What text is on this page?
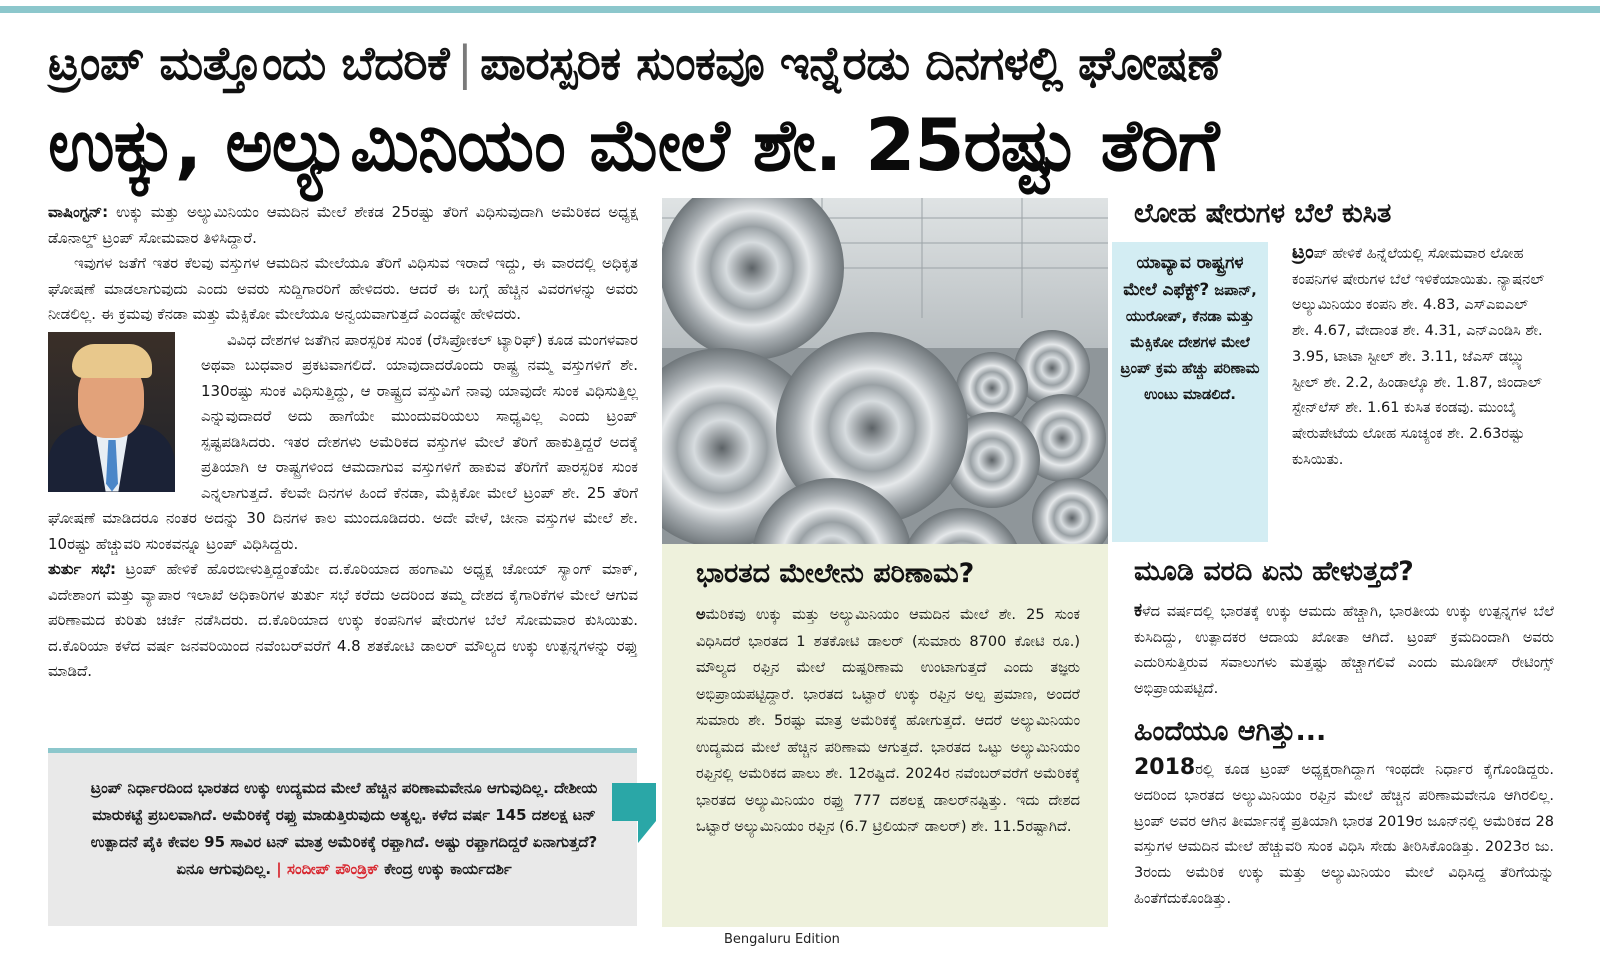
ಟ್ರಂಪ್ ಮತ್ತೊಂದು ಬೆದರಿಕೆ | ಪಾರಸ್ಪರಿಕ ಸುಂಕವೂ ಇನ್ನೆರಡು ದಿನಗಳಲ್ಲಿ ಘೋಷಣೆ
ಉಕ್ಕು, ಅಲ್ಯುಮಿನಿಯಂ ಮೇಲೆ ಶೇ. 25ರಷ್ಟು ತೆರಿಗೆ

ವಾಷಿಂಗ್ಟನ್: ಉಕ್ಕು ಮತ್ತು ಅಲ್ಯುಮಿನಿಯಂ ಆಮದಿನ ಮೇಲೆ ಶೇಕಡ 25ರಷ್ಟು ತೆರಿಗೆ ವಿಧಿಸುವುದಾಗಿ ಅಮೆರಿಕದ ಅಧ್ಯಕ್ಷ ಡೊನಾಲ್ಡ್ ಟ್ರಂಪ್ ಸೋಮವಾರ ತಿಳಿಸಿದ್ದಾರೆ.

ಇವುಗಳ ಜತೆಗೆ ಇತರ ಕೆಲವು ವಸ್ತುಗಳ ಆಮದಿನ ಮೇಲೆಯೂ ತೆರಿಗೆ ವಿಧಿಸುವ ಇರಾದೆ ಇದ್ದು, ಈ ವಾರದಲ್ಲಿ ಅಧಿಕೃತ ಘೋಷಣೆ ಮಾಡಲಾಗುವುದು ಎಂದು ಅವರು ಸುದ್ದಿಗಾರರಿಗೆ ಹೇಳಿದರು. ಆದರೆ ಈ ಬಗ್ಗೆ ಹೆಚ್ಚಿನ ವಿವರಗಳನ್ನು ಅವರು ನೀಡಲಿಲ್ಲ. ಈ ಕ್ರಮವು ಕೆನಡಾ ಮತ್ತು ಮೆಕ್ಸಿಕೋ ಮೇಲೆಯೂ ಅನ್ವಯವಾಗುತ್ತದೆ ಎಂದಷ್ಟೇ ಹೇಳಿದರು.

ವಿವಿಧ ದೇಶಗಳ ಜತೆಗಿನ ಪಾರಸ್ಪರಿಕ ಸುಂಕ (ರೆಸಿಪ್ರೋಕಲ್ ಟ್ಯಾರಿಫ್) ಕೂಡ ಮಂಗಳವಾರ ಅಥವಾ ಬುಧವಾರ ಪ್ರಕಟವಾಗಲಿದೆ. ಯಾವುದಾದರೊಂದು ರಾಷ್ಟ್ರ ನಮ್ಮ ವಸ್ತುಗಳಿಗೆ ಶೇ. 130ರಷ್ಟು ಸುಂಕ ವಿಧಿಸುತ್ತಿದ್ದು, ಆ ರಾಷ್ಟ್ರದ ವಸ್ತುವಿಗೆ ನಾವು ಯಾವುದೇ ಸುಂಕ ವಿಧಿಸುತ್ತಿಲ್ಲ ಎನ್ನುವುದಾದರೆ ಅದು ಹಾಗೆಯೇ ಮುಂದುವರಿಯಲು ಸಾಧ್ಯವಿಲ್ಲ ಎಂದು ಟ್ರಂಪ್ ಸ್ಪಷ್ಟಪಡಿಸಿದರು. ಇತರ ದೇಶಗಳು ಅಮೆರಿಕದ ವಸ್ತುಗಳ ಮೇಲೆ ತೆರಿಗೆ ಹಾಕುತ್ತಿದ್ದರೆ ಅದಕ್ಕೆ ಪ್ರತಿಯಾಗಿ ಆ ರಾಷ್ಟ್ರಗಳಿಂದ ಆಮದಾಗುವ ವಸ್ತುಗಳಿಗೆ ಹಾಕುವ ತೆರಿಗೆಗೆ ಪಾರಸ್ಪರಿಕ ಸುಂಕ ಎನ್ನಲಾಗುತ್ತದೆ. ಕೆಲವೇ ದಿನಗಳ ಹಿಂದೆ ಕೆನಡಾ, ಮೆಕ್ಸಿಕೋ ಮೇಲೆ ಟ್ರಂಪ್ ಶೇ. 25 ತೆರಿಗೆ ಘೋಷಣೆ ಮಾಡಿದರೂ ನಂತರ ಅದನ್ನು 30 ದಿನಗಳ ಕಾಲ ಮುಂದೂಡಿದರು. ಅದೇ ವೇಳೆ, ಚೀನಾ ವಸ್ತುಗಳ ಮೇಲೆ ಶೇ. 10ರಷ್ಟು ಹೆಚ್ಚುವರಿ ಸುಂಕವನ್ನೂ ಟ್ರಂಪ್ ವಿಧಿಸಿದ್ದರು.

ತುರ್ತು ಸಭೆ: ಟ್ರಂಪ್ ಹೇಳಿಕೆ ಹೊರಬೀಳುತ್ತಿದ್ದಂತೆಯೇ ದ.ಕೊರಿಯಾದ ಹಂಗಾಮಿ ಅಧ್ಯಕ್ಷ ಚೋಯ್ ಸ್ಯಾಂಗ್ ಮಾಕ್, ವಿದೇಶಾಂಗ ಮತ್ತು ವ್ಯಾಪಾರ ಇಲಾಖೆ ಅಧಿಕಾರಿಗಳ ತುರ್ತು ಸಭೆ ಕರೆದು ಅದರಿಂದ ತಮ್ಮ ದೇಶದ ಕೈಗಾರಿಕೆಗಳ ಮೇಲೆ ಆಗುವ ಪರಿಣಾಮದ ಕುರಿತು ಚರ್ಚೆ ನಡೆಸಿದರು. ದ.ಕೊರಿಯಾದ ಉಕ್ಕು ಕಂಪನಿಗಳ ಷೇರುಗಳ ಬೆಲೆ ಸೋಮವಾರ ಕುಸಿಯಿತು. ದ.ಕೊರಿಯಾ ಕಳೆದ ವರ್ಷ ಜನವರಿಯಿಂದ ನವೆಂಬರ್‌ವರೆಗೆ 4.8 ಶತಕೋಟಿ ಡಾಲರ್ ಮೌಲ್ಯದ ಉಕ್ಕು ಉತ್ಪನ್ನಗಳನ್ನು ರಫ್ತು ಮಾಡಿದೆ.

ಟ್ರಂಪ್ ನಿರ್ಧಾರದಿಂದ ಭಾರತದ ಉಕ್ಕು ಉದ್ಯಮದ ಮೇಲೆ ಹೆಚ್ಚಿನ ಪರಿಣಾಮವೇನೂ ಆಗುವುದಿಲ್ಲ. ದೇಶೀಯ ಮಾರುಕಟ್ಟೆ ಪ್ರಬಲವಾಗಿದೆ. ಅಮೆರಿಕಕ್ಕೆ ರಫ್ತು ಮಾಡುತ್ತಿರುವುದು ಅತ್ಯಲ್ಪ. ಕಳೆದ ವರ್ಷ 145 ದಶಲಕ್ಷ ಟನ್ ಉತ್ಪಾದನೆ ಪೈಕಿ ಕೇವಲ 95 ಸಾವಿರ ಟನ್ ಮಾತ್ರ ಅಮೆರಿಕಕ್ಕೆ ರಫ್ತಾಗಿದೆ. ಅಷ್ಟು ರಫ್ತಾಗದಿದ್ದರೆ ಏನಾಗುತ್ತದೆ? ಏನೂ ಆಗುವುದಿಲ್ಲ. | ಸಂದೀಪ್ ಪೌಂಡ್ರಿಕ್ ಕೇಂದ್ರ ಉಕ್ಕು ಕಾರ್ಯದರ್ಶಿ
ಭಾರತದ ಮೇಲೇನು ಪರಿಣಾಮ?
ಅಮೆರಿಕವು ಉಕ್ಕು ಮತ್ತು ಅಲ್ಯುಮಿನಿಯಂ ಆಮದಿನ ಮೇಲೆ ಶೇ. 25 ಸುಂಕ ವಿಧಿಸಿದರೆ ಭಾರತದ 1 ಶತಕೋಟಿ ಡಾಲರ್ (ಸುಮಾರು 8700 ಕೋಟಿ ರೂ.) ಮೌಲ್ಯದ ರಫ್ತಿನ ಮೇಲೆ ದುಷ್ಪರಿಣಾಮ ಉಂಟಾಗುತ್ತದೆ ಎಂದು ತಜ್ಞರು ಅಭಿಪ್ರಾಯಪಟ್ಟಿದ್ದಾರೆ. ಭಾರತದ ಒಟ್ಟಾರೆ ಉಕ್ಕು ರಫ್ತಿನ ಅಲ್ಪ ಪ್ರಮಾಣ, ಅಂದರೆ ಸುಮಾರು ಶೇ. 5ರಷ್ಟು ಮಾತ್ರ ಅಮೆರಿಕಕ್ಕೆ ಹೋಗುತ್ತದೆ. ಆದರೆ ಅಲ್ಯುಮಿನಿಯಂ ಉದ್ಯಮದ ಮೇಲೆ ಹೆಚ್ಚಿನ ಪರಿಣಾಮ ಆಗುತ್ತದೆ. ಭಾರತದ ಒಟ್ಟು ಅಲ್ಯುಮಿನಿಯಂ ರಫ್ತಿನಲ್ಲಿ ಅಮೆರಿಕದ ಪಾಲು ಶೇ. 12ರಷ್ಟಿದೆ. 2024ರ ನವೆಂಬರ್‌ವರೆಗೆ ಅಮೆರಿಕಕ್ಕೆ ಭಾರತದ ಅಲ್ಯುಮಿನಿಯಂ ರಫ್ತು 777 ದಶಲಕ್ಷ ಡಾಲರ್‌ನಷ್ಟಿತ್ತು. ಇದು ದೇಶದ ಒಟ್ಟಾರೆ ಅಲ್ಯುಮಿನಿಯಂ ರಫ್ತಿನ (6.7 ಟ್ರಿಲಿಯನ್ ಡಾಲರ್) ಶೇ. 11.5ರಷ್ಟಾಗಿದೆ.
ಲೋಹ ಷೇರುಗಳ ಬೆಲೆ ಕುಸಿತ
ಯಾವ್ಯಾವ ರಾಷ್ಟ್ರಗಳ ಮೇಲೆ ಎಫೆಕ್ಟ್? ಜಪಾನ್, ಯುರೋಪ್, ಕೆನಡಾ ಮತ್ತು ಮೆಕ್ಸಿಕೋ ದೇಶಗಳ ಮೇಲೆ ಟ್ರಂಪ್ ಕ್ರಮ ಹೆಚ್ಚು ಪರಿಣಾಮ ಉಂಟು ಮಾಡಲಿದೆ.
ಟ್ರಂಪ್ ಹೇಳಿಕೆ ಹಿನ್ನೆಲೆಯಲ್ಲಿ ಸೋಮವಾರ ಲೋಹ ಕಂಪನಿಗಳ ಷೇರುಗಳ ಬೆಲೆ ಇಳಿಕೆಯಾಯಿತು. ನ್ಯಾಷನಲ್ ಅಲ್ಯುಮಿನಿಯಂ ಕಂಪನಿ ಶೇ. 4.83, ಎಸ್‌ಎಐಎಲ್ ಶೇ. 4.67, ವೇದಾಂತ ಶೇ. 4.31, ಎನ್‌ಎಂಡಿಸಿ ಶೇ. 3.95, ಟಾಟಾ ಸ್ಟೀಲ್ ಶೇ. 3.11, ಜೆಎಸ್ ಡಬ್ಲ್ಯು ಸ್ಟೀಲ್ ಶೇ. 2.2, ಹಿಂಡಾಲ್ಕೊ ಶೇ. 1.87, ಜಿಂದಾಲ್ ಸ್ಟೇನ್‌ಲೆಸ್ ಶೇ. 1.61 ಕುಸಿತ ಕಂಡವು. ಮುಂಬೈ ಷೇರುಪೇಟೆಯ ಲೋಹ ಸೂಚ್ಯಂಕ ಶೇ. 2.63ರಷ್ಟು ಕುಸಿಯಿತು.
ಮೂಡಿ ವರದಿ ಏನು ಹೇಳುತ್ತದೆ?
ಕಳೆದ ವರ್ಷದಲ್ಲಿ ಭಾರತಕ್ಕೆ ಉಕ್ಕು ಆಮದು ಹೆಚ್ಚಾಗಿ, ಭಾರತೀಯ ಉಕ್ಕು ಉತ್ಪನ್ನಗಳ ಬೆಲೆ ಕುಸಿದಿದ್ದು, ಉತ್ಪಾದಕರ ಆದಾಯ ಖೋತಾ ಆಗಿದೆ. ಟ್ರಂಪ್ ಕ್ರಮದಿಂದಾಗಿ ಅವರು ಎದುರಿಸುತ್ತಿರುವ ಸವಾಲುಗಳು ಮತ್ತಷ್ಟು ಹೆಚ್ಚಾಗಲಿವೆ ಎಂದು ಮೂಡೀಸ್ ರೇಟಿಂಗ್ಸ್ ಅಭಿಪ್ರಾಯಪಟ್ಟಿದೆ.
ಹಿಂದೆಯೂ ಆಗಿತ್ತು...
2018ರಲ್ಲಿ ಕೂಡ ಟ್ರಂಪ್ ಅಧ್ಯಕ್ಷರಾಗಿದ್ದಾಗ ಇಂಥದೇ ನಿರ್ಧಾರ ಕೈಗೊಂಡಿದ್ದರು. ಅದರಿಂದ ಭಾರತದ ಅಲ್ಯುಮಿನಿಯಂ ರಫ್ತಿನ ಮೇಲೆ ಹೆಚ್ಚಿನ ಪರಿಣಾಮವೇನೂ ಆಗಿರಲಿಲ್ಲ. ಟ್ರಂಪ್ ಅವರ ಆಗಿನ ತೀರ್ಮಾನಕ್ಕೆ ಪ್ರತಿಯಾಗಿ ಭಾರತ 2019ರ ಜೂನ್‌ನಲ್ಲಿ ಅಮೆರಿಕದ 28 ವಸ್ತುಗಳ ಆಮದಿನ ಮೇಲೆ ಹೆಚ್ಚುವರಿ ಸುಂಕ ವಿಧಿಸಿ ಸೇಡು ತೀರಿಸಿಕೊಂಡಿತ್ತು. 2023ರ ಜು. 3ರಂದು ಅಮೆರಿಕ ಉಕ್ಕು ಮತ್ತು ಅಲ್ಯುಮಿನಿಯಂ ಮೇಲೆ ವಿಧಿಸಿದ್ದ ತೆರಿಗೆಯನ್ನು ಹಿಂತೆಗೆದುಕೊಂಡಿತ್ತು.
Bengaluru Edition
